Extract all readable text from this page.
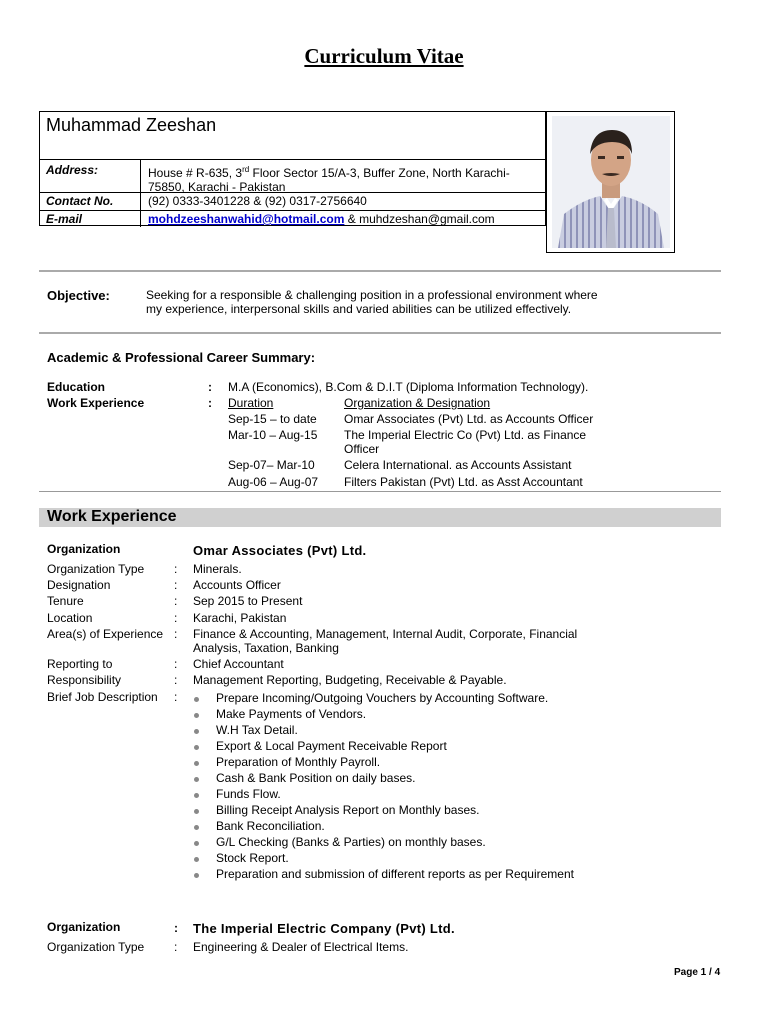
Curriculum Vitae
Muhammad Zeeshan
Address:	House # R-635, 3rd Floor Sector 15/A-3, Buffer Zone, North Karachi-
75850, Karachi - Pakistan
Contact No.	(92) 0333-3401228 & (92) 0317-2756640
E-mail	mohdzeeshanwahid@hotmail.com & muhdzeshan@gmail.com
Objective:	Seeking for a responsible & challenging position in a professional environment where
my experience, interpersonal skills and varied abilities can be utilized effectively.
Academic & Professional Career Summary:
Education	: M.A (Economics), B.Com & D.I.T (Diploma Information Technology).
Work Experience	: Duration	Organization & Designation
Sep-15 – to date Omar Associates (Pvt) Ltd. as Accounts Officer
Mar-10 – Aug-15 The Imperial Electric Co (Pvt) Ltd. as Finance
Officer
Sep-07– Mar-10 Celera International. as Accounts Assistant
Aug-06 – Aug-07 Filters Pakistan (Pvt) Ltd. as Asst Accountant
Work Experience
Organization	Omar Associates (Pvt) Ltd.
Organization Type : Minerals.
Designation	: Accounts Officer
Tenure	: Sep 2015 to Present
Location	: Karachi, Pakistan
Area(s) of Experience : Finance & Accounting, Management, Internal Audit, Corporate, Financial
Analysis, Taxation, Banking
Reporting to	: Chief Accountant
Responsibility	: Management Reporting, Budgeting, Receivable & Payable.
Brief Job Description :	Prepare Incoming/Outgoing Vouchers by Accounting Software.
Make Payments of Vendors.
W.H Tax Detail.
Export & Local Payment Receivable Report
Preparation of Monthly Payroll.
Cash & Bank Position on daily bases.
Funds Flow.
Billing Receipt Analysis Report on Monthly bases.
Bank Reconciliation.
G/L Checking (Banks & Parties) on monthly bases.
Stock Report.
Preparation and submission of different reports as per Requirement
Organization	: The Imperial Electric Company (Pvt) Ltd.
Organization Type : Engineering & Dealer of Electrical Items.
Page 1 / 4
